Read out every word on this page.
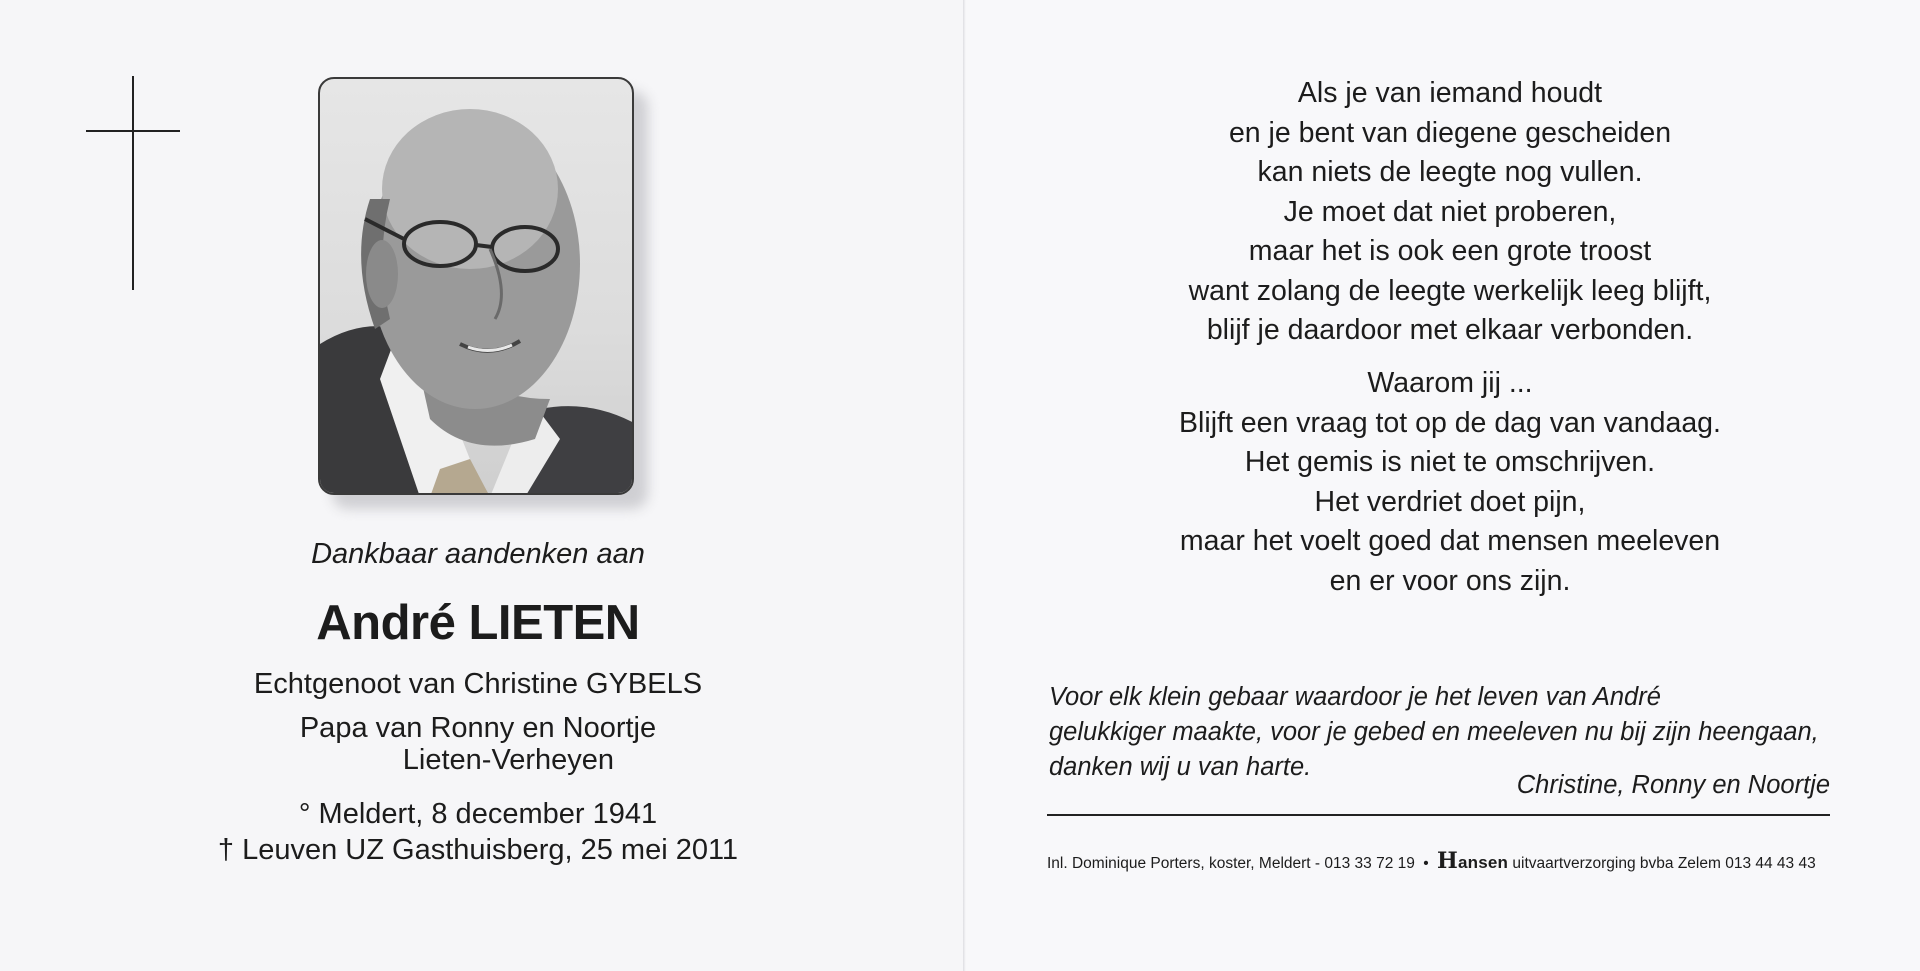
Dankbaar aandenken aan
André LIETEN
Echtgenoot van Christine GYBELS
Papa van Ronny en Noortje
Lieten-Verheyen
° Meldert, 8 december 1941
† Leuven UZ Gasthuisberg, 25 mei 2011
Als je van iemand houdt
en je bent van diegene gescheiden
kan niets de leegte nog vullen.
Je moet dat niet proberen,
maar het is ook een grote troost
want zolang de leegte werkelijk leeg blijft,
blijf je daardoor met elkaar verbonden.
Waarom jij ...
Blijft een vraag tot op de dag van vandaag.
Het gemis is niet te omschrijven.
Het verdriet doet pijn,
maar het voelt goed dat mensen meeleven
en er voor ons zijn.
Voor elk klein gebaar waardoor je het leven van André
gelukkiger maakte, voor je gebed en meeleven nu bij zijn heengaan,
danken wij u van harte.
Christine, Ronny en Noortje
Inl. Dominique Porters, koster, Meldert - 013 33 72 19 • Hansen uitvaartverzorging bvba Zelem 013 44 43 43
